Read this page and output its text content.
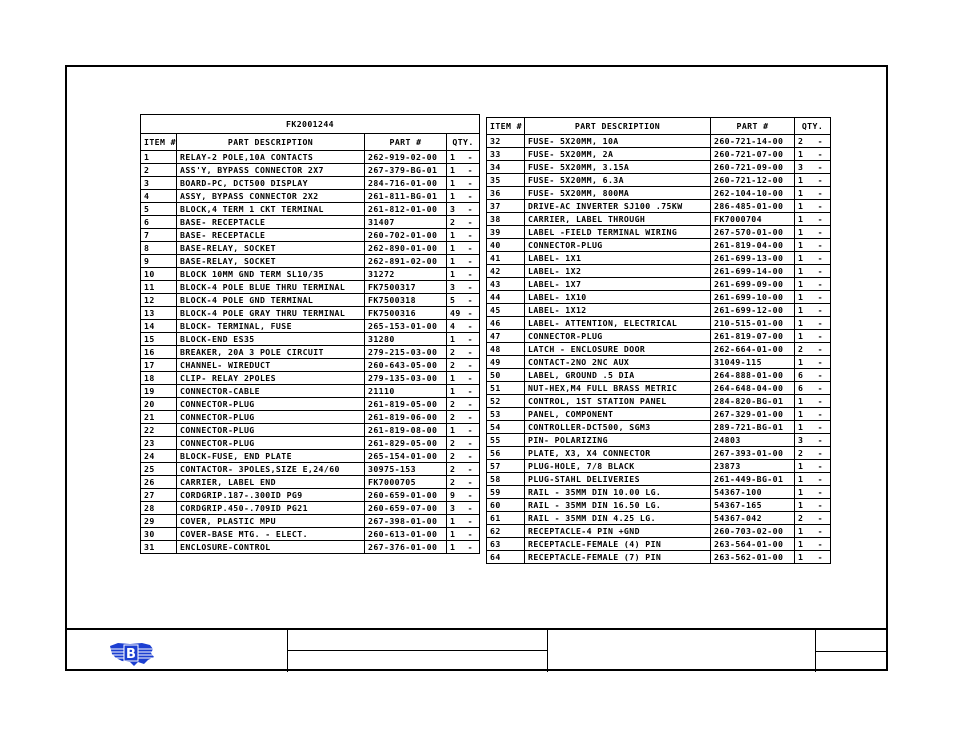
FK2001244				
ITEM #	PART DESCRIPTION	PART #	QTY.	
1	RELAY-2 POLE,10A CONTACTS	262-919-02-00	1	-
2	ASS'Y, BYPASS CONNECTOR 2X7	267-379-BG-01	1	-
3	BOARD-PC, DCT500 DISPLAY	284-716-01-00	1	-
4	ASSY, BYPASS CONNECTOR 2X2	261-811-BG-01	1	-
5	BLOCK,4 TERM 1 CKT TERMINAL	261-812-01-00	3	-
6	BASE- RECEPTACLE	31407	2	-
7	BASE- RECEPTACLE	260-702-01-00	1	-
8	BASE-RELAY, SOCKET	262-890-01-00	1	-
9	BASE-RELAY, SOCKET	262-891-02-00	1	-
10	BLOCK 10MM GND TERM SL10/35	31272	1	-
11	BLOCK-4 POLE BLUE THRU TERMINAL	FK7500317	3	-
12	BLOCK-4 POLE GND TERMINAL	FK7500318	5	-
13	BLOCK-4 POLE GRAY THRU TERMINAL	FK7500316	49	-
14	BLOCK- TERMINAL, FUSE	265-153-01-00	4	-
15	BLOCK-END ES35	31280	1	-
16	BREAKER, 20A 3 POLE CIRCUIT	279-215-03-00	2	-
17	CHANNEL- WIREDUCT	260-643-05-00	2	-
18	CLIP- RELAY 2POLES	279-135-03-00	1	-
19	CONNECTOR-CABLE	21110	1	-
20	CONNECTOR-PLUG	261-819-05-00	2	-
21	CONNECTOR-PLUG	261-819-06-00	2	-
22	CONNECTOR-PLUG	261-819-08-00	1	-
23	CONNECTOR-PLUG	261-829-05-00	2	-
24	BLOCK-FUSE, END PLATE	265-154-01-00	2	-
25	CONTACTOR- 3POLES,SIZE E,24/60	30975-153	2	-
26	CARRIER, LABEL END	FK7000705	2	-
27	CORDGRIP.187-.300ID PG9	260-659-01-00	9	-
28	CORDGRIP.450-.709ID PG21	260-659-07-00	3	-
29	COVER, PLASTIC MPU	267-398-01-00	1	-
30	COVER-BASE MTG. - ELECT.	260-613-01-00	1	-
31	ENCLOSURE-CONTROL	267-376-01-00	1	-
ITEM #	PART DESCRIPTION	PART #	QTY.	
32	FUSE- 5X20MM, 10A	260-721-14-00	2	-
33	FUSE- 5X20MM, 2A	260-721-07-00	1	-
34	FUSE- 5X20MM, 3.15A	260-721-09-00	3	-
35	FUSE- 5X20MM, 6.3A	260-721-12-00	1	-
36	FUSE- 5X20MM, 800MA	262-104-10-00	1	-
37	DRIVE-AC INVERTER SJ100 .75KW	286-485-01-00	1	-
38	CARRIER, LABEL THROUGH	FK7000704	1	-
39	LABEL -FIELD TERMINAL WIRING	267-570-01-00	1	-
40	CONNECTOR-PLUG	261-819-04-00	1	-
41	LABEL- 1X1	261-699-13-00	1	-
42	LABEL- 1X2	261-699-14-00	1	-
43	LABEL- 1X7	261-699-09-00	1	-
44	LABEL- 1X10	261-699-10-00	1	-
45	LABEL- 1X12	261-699-12-00	1	-
46	LABEL- ATTENTION, ELECTRICAL	210-515-01-00	1	-
47	CONNECTOR-PLUG	261-819-07-00	1	-
48	LATCH - ENCLOSURE DOOR	262-664-01-00	2	-
49	CONTACT-2NO 2NC AUX	31049-115	1	-
50	LABEL, GROUND .5 DIA	264-888-01-00	6	-
51	NUT-HEX,M4 FULL BRASS METRIC	264-648-04-00	6	-
52	CONTROL, 1ST STATION PANEL	284-820-BG-01	1	-
53	PANEL, COMPONENT	267-329-01-00	1	-
54	CONTROLLER-DCT500, SGM3	289-721-BG-01	1	-
55	PIN- POLARIZING	24803	3	-
56	PLATE, X3, X4 CONNECTOR	267-393-01-00	2	-
57	PLUG-HOLE, 7/8 BLACK	23873	1	-
58	PLUG-STAHL DELIVERIES	261-449-BG-01	1	-
59	RAIL - 35MM DIN 10.00 LG.	54367-100	1	-
60	RAIL - 35MM DIN 16.50 LG.	54367-165	1	-
61	RAIL - 35MM DIN 4.25 LG.	54367-042	2	-
62	RECEPTACLE-4 PIN +GND	260-703-02-00	1	-
63	RECEPTACLE-FEMALE (4) PIN	263-564-01-00	1	-
64	RECEPTACLE-FEMALE (7) PIN	263-562-01-00	1	-
B
